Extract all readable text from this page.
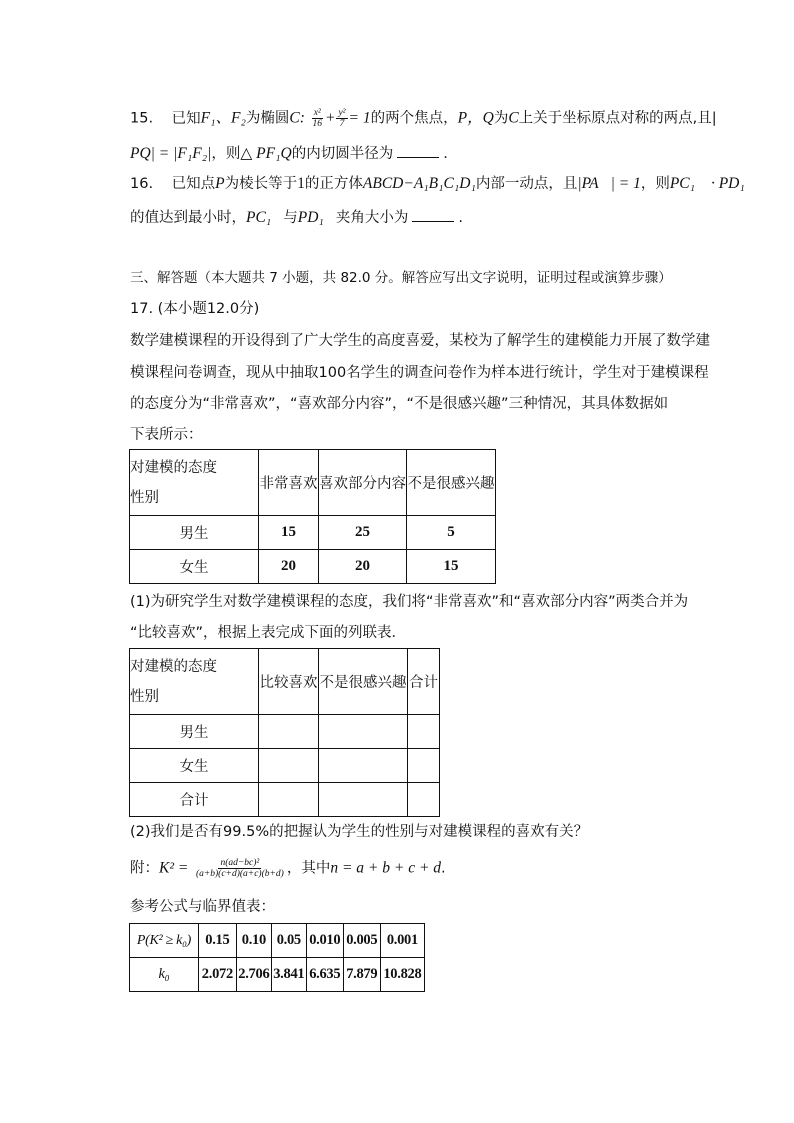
15. 已知F₁、F₂为椭圆C: $\frac{\text{x²}}{16} + \frac{\text{y²}}{7} = 1$的两个焦点，P，Q为C上关于坐标原点对称的两点,且|
PQ| = |F₁F₂|，则△ PF₁Q的内切圆半径为	.
16. 已知点P为棱长等于1的正方体ABCD−A₁B₁C₁D₁内部一动点，且|PA⃗| = 1，则PC₁⃗ · PD₁⃗
的值达到最小时，PC₁⃗与PD₁⃗夹角大小为	.
三、解答题（本大题共 7 小题，共 82.0 分。解答应写出文字说明，证明过程或演算步骤）
17. (本小题12.0分)
数学建模课程的开设得到了广大学生的高度喜爱，某校为了解学生的建模能力开展了数学建
模课程问卷调查，现从中抽取100名学生的调查问卷作为样本进行统计，学生对于建模课程
的态度分为“非常喜欢”，“喜欢部分内容”，“不是很感兴趣”三种情况，其具体数据如
下表所示：
对建模的态度
性别	非常喜欢	喜欢部分内容	不是很感兴趣
男生	15	25	5
女生	20	20	15
(1)为研究学生对数学建模课程的态度，我们将“非常喜欢”和“喜欢部分内容”两类合并为
“比较喜欢”，根据上表完成下面的列联表．
对建模的态度
性别	比较喜欢	不是很感兴趣	合计
男生			
女生			
合计			
(2)我们是否有99.5%的把握认为学生的性别与对建模课程的喜欢有关？
附：$K^2 = \frac{\text{n(ad−bc)²}}{(a+b)(c+d)(a+c)(b+d)}$ ，其中n = a + b + c + d.
参考公式与临界值表：
P(K² ≥ k₀)	0.15	0.10	0.05	0.010	0.005	0.001
k₀	2.072	2.706	3.841	6.635	7.879	10.828
